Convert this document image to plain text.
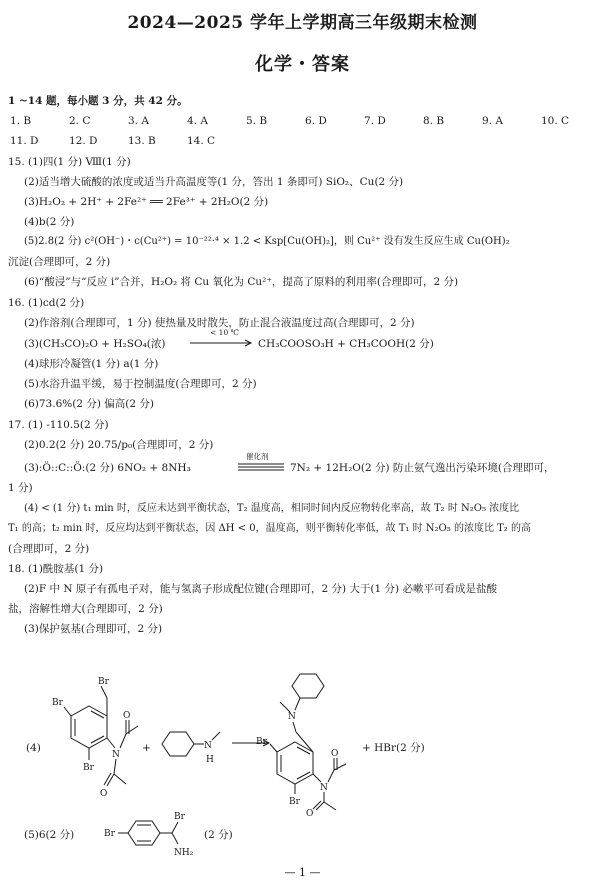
2024—2025 学年上学期高三年级期末检测
化学・答案
1 ~14 题，每小题 3 分，共 42 分。
1. B	2. C	3. A	4. A	5. B	6. D	7. D	8. B	9. A	10. C
11. D	12. D	13. B	14. C
15. (1)四(1 分) Ⅷ(1 分)
(2)适当增大硫酸的浓度或适当升高温度等(1 分，答出 1 条即可) SiO₂、Cu(2 分)
(3)H₂O₂ + 2H⁺ + 2Fe²⁺ ══ 2Fe³⁺ + 2H₂O(2 分)
(4)b(2 分)
(5)2.8(2 分) c²(OH⁻)・c(Cu²⁺) = 10⁻²²·⁴ × 1.2 < Ksp[Cu(OH)₂]，则 Cu²⁺ 没有发生反应生成 Cu(OH)₂
沉淀(合理即可，2 分)
(6)“酸浸”与“反应 i”合并，H₂O₂ 将 Cu 氧化为 Cu²⁺，提高了原料的利用率(合理即可，2 分)
16. (1)cd(2 分)
(2)作溶剂(合理即可，1 分) 使热量及时散失，防止混合液温度过高(合理即可，2 分)
(3)(CH₃CO)₂O + H₂SO₄(浓)
< 10 ℃
→ CH₃COOSO₃H + CH₃COOH(2 分)
(4)球形冷凝管(1 分) a(1 分)
(5)水浴升温平缓，易于控制温度(合理即可，2 分)
(6)73.6%(2 分) 偏高(2 分)
17. (1) -110.5(2 分)
(2)0.2(2 分) 20.75/p₀(合理即可，2 分)
(3):Ö::C::Ö:(2 分) 6NO₂ + 8NH₃
催化剂
7N₂ + 12H₂O(2 分) 防止氨气逸出污染环境(合理即可，
1 分)
(4) < (1 分) t₁ min 时，反应未达到平衡状态，T₂ 温度高，相同时间内反应物转化率高，故 T₂ 时 N₂O₅ 浓度比
T₁ 的高；t₂ min 时，反应均达到平衡状态，因 ΔH < 0，温度高，则平衡转化率低，故 T₁ 时 N₂O₅ 的浓度比 T₂ 的高
(合理即可，2 分)
18. (1)酰胺基(1 分)
(2)F 中 N 原子有孤电子对，能与氢离子形成配位键(合理即可，2 分) 大于(1 分) 必嗽平可看成是盐酸
盐，溶解性增大(合理即可，2 分)
(3)保护氨基(合理即可，2 分)
(4)
Br
Br
Br
N
O
O
+	N
H
N
Br
Br
N
O
O
+ HBr(2 分)
(5)6(2 分)	Br
Br
NH₂
(2 分)
— 1 —
